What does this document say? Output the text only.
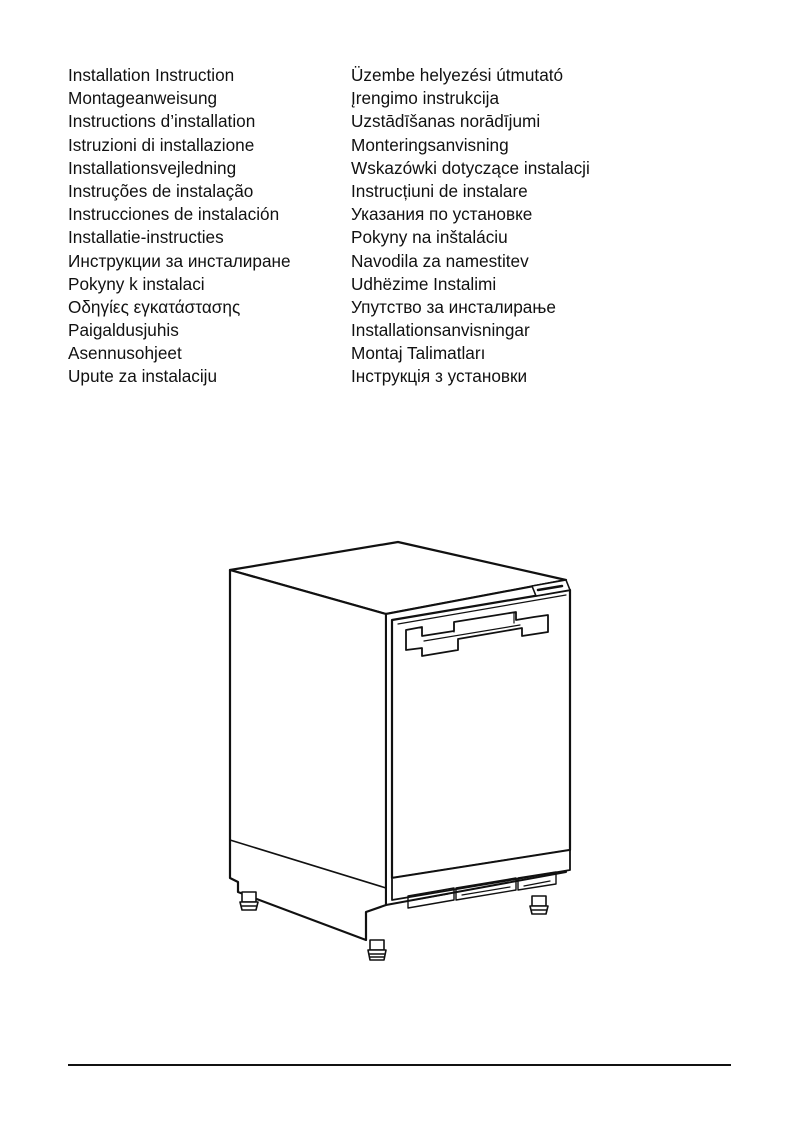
Installation Instruction
Montageanweisung
Instructions d’installation
Istruzioni di installazione
Installationsvejledning
Instruções de instalação
Instrucciones de instalación
Installatie-instructies
Инструкции за инсталиране
Pokyny k instalaci
Οδηγίες εγκατάστασης
Paigaldusjuhis
Asennusohjeet
Upute za instalaciju
Üzembe helyezési útmutató
Įrengimo instrukcija
Uzstādīšanas norādījumi
Monteringsanvisning
Wskazówki dotyczące instalacji
Instrucțiuni de instalare
Указания по установке
Pokyny na inštaláciu
Navodila za namestitev
Udhëzime Instalimi
Упутство за инсталирање
Installationsanvisningar
Montaj Talimatları
Інструкція з установки
